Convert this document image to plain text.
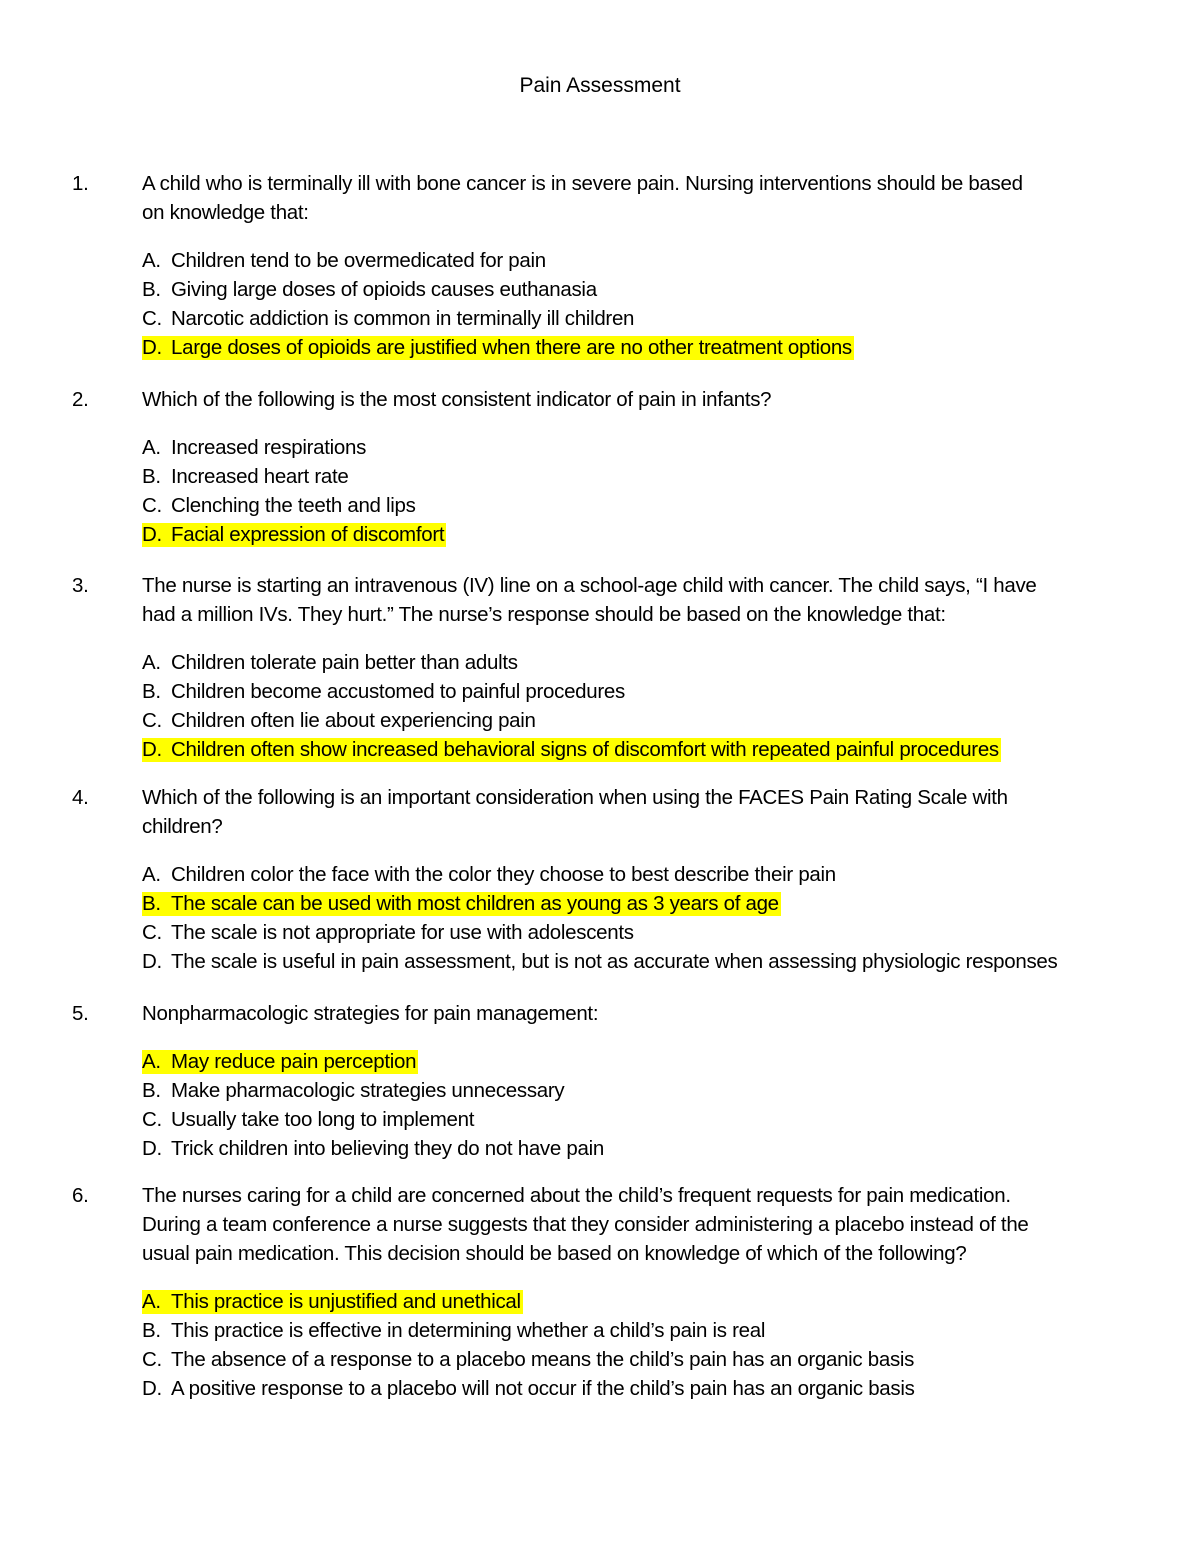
Pain Assessment
1.	A child who is terminally ill with bone cancer is in severe pain. Nursing interventions should be based
on knowledge that:
A. Children tend to be overmedicated for pain
B. Giving large doses of opioids causes euthanasia
C. Narcotic addiction is common in terminally ill children
D. Large doses of opioids are justified when there are no other treatment options
2.	Which of the following is the most consistent indicator of pain in infants?
A. Increased respirations
B. Increased heart rate
C. Clenching the teeth and lips
D. Facial expression of discomfort
3.	The nurse is starting an intravenous (IV) line on a school-age child with cancer. The child says, “I have
had a million IVs. They hurt.” The nurse’s response should be based on the knowledge that:
A. Children tolerate pain better than adults
B. Children become accustomed to painful procedures
C. Children often lie about experiencing pain
D. Children often show increased behavioral signs of discomfort with repeated painful procedures
4.	Which of the following is an important consideration when using the FACES Pain Rating Scale with
children?
A. Children color the face with the color they choose to best describe their pain
B. The scale can be used with most children as young as 3 years of age
C. The scale is not appropriate for use with adolescents
D. The scale is useful in pain assessment, but is not as accurate when assessing physiologic responses
5.	Nonpharmacologic strategies for pain management:
A. May reduce pain perception
B. Make pharmacologic strategies unnecessary
C. Usually take too long to implement
D. Trick children into believing they do not have pain
6.	The nurses caring for a child are concerned about the child’s frequent requests for pain medication.
During a team conference a nurse suggests that they consider administering a placebo instead of the
usual pain medication. This decision should be based on knowledge of which of the following?
A. This practice is unjustified and unethical
B. This practice is effective in determining whether a child’s pain is real
C. The absence of a response to a placebo means the child’s pain has an organic basis
D. A positive response to a placebo will not occur if the child’s pain has an organic basis
